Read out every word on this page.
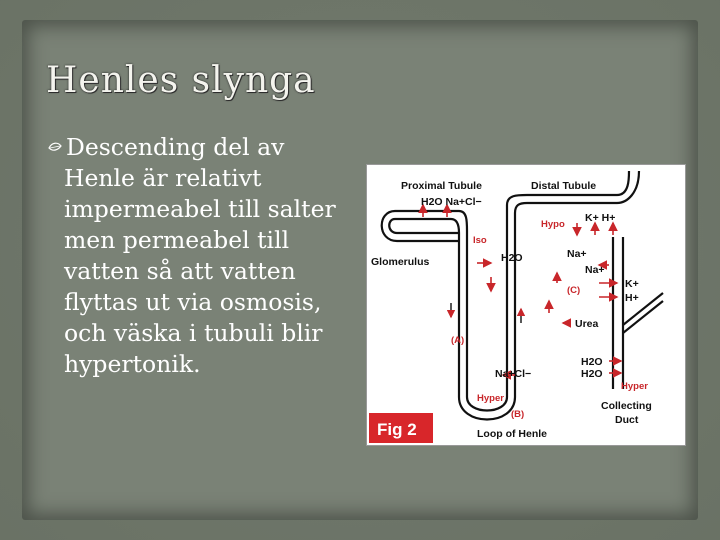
Henles slynga
Descending del av
Henle är relativt impermeabel till salter men permeabel till vatten så att vatten flyttas ut via osmosis, och väska i tubuli blir hypertonik.
Proximal Tubule	Distal Tubule
H2O Na+Cl−
K+ H+
Hypo
Iso
Na+
Glomerulus	H2O
Na+
K+
H+
(C)
Urea
(A)
H2O
H2O
Hyper
Na+Cl−
Hyper
(B)
Loop of Henle
Collecting
Duct
Fig 2
